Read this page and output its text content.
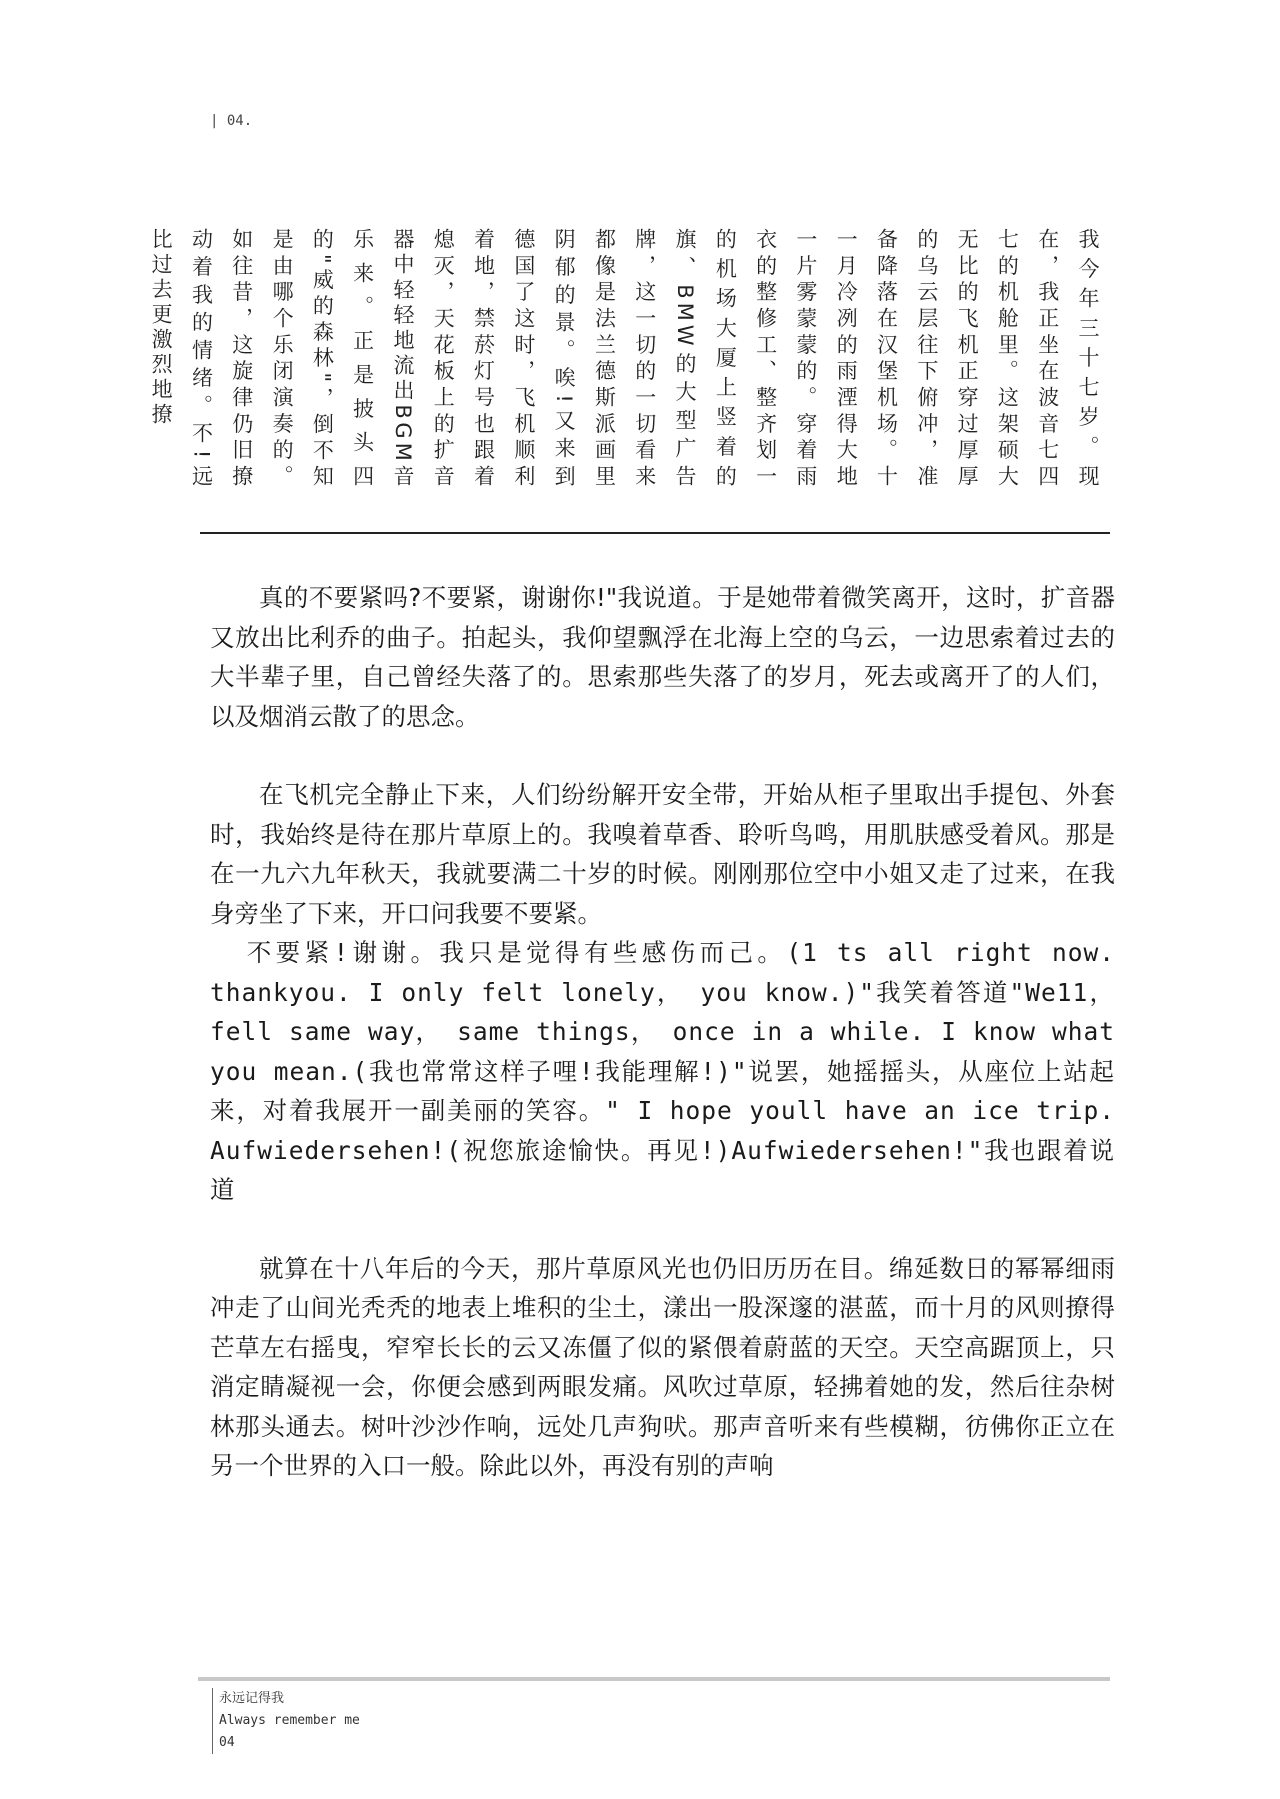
| 04.

我今年三十七岁。现在，我正坐在波音七四七的机舱里。这架硕大无比的飞机正穿过厚厚的乌云层往下俯冲，准备降落在汉堡机场。十一月冷冽的雨湮得大地一片雾蒙蒙的。穿着雨衣的整修工、整齐划一的机场大厦上竖着的旗、BMW的大型广告牌，这一切的一切看来都像是法兰德斯派画里阴郁的景。唉!又来到德国了这时，飞机顺利着地，禁菸灯号也跟着熄灭，天花板上的扩音器中轻轻地流出BGM音乐来。正是披头四的"威的森林"，倒不知是由哪个乐闭演奏的。如往昔，这旋律仍旧撩动着我的情绪。不!远比过去更激烈地撩

真的不要紧吗?不要紧，谢谢你!"我说道。于是她带着微笑离开，这时，扩音器又放出比利乔的曲子。拍起头，我仰望飘浮在北海上空的乌云，一边思索着过去的大半辈子里，自己曾经失落了的。思索那些失落了的岁月，死去或离开了的人们，以及烟消云散了的思念。

在飞机完全静止下来，人们纷纷解开安全带，开始从柜子里取出手提包、外套时，我始终是待在那片草原上的。我嗅着草香、聆听鸟鸣，用肌肤感受着风。那是在一九六九年秋天，我就要满二十岁的时候。刚刚那位空中小姐又走了过来，在我身旁坐了下来，开口问我要不要紧。

不要紧!谢谢。我只是觉得有些感伤而己。(1 ts all right now. thankyou. I only felt lonely， you know.)"我笑着答道"We11， fell same way， same things， once in a while. I know what you mean.(我也常常这样子哩!我能理解!)"说罢，她摇摇头，从座位上站起来，对着我展开一副美丽的笑容。" I hope youll have an ice trip. Aufwiedersehen!(祝您旅途愉快。再见!)Aufwiedersehen!"我也跟着说道

就算在十八年后的今天，那片草原风光也仍旧历历在目。绵延数日的幂幂细雨冲走了山间光秃秃的地表上堆积的尘土，漾出一股深邃的湛蓝，而十月的风则撩得芒草左右摇曳，窄窄长长的云又冻僵了似的紧偎着蔚蓝的天空。天空高踞顶上，只消定睛凝视一会，你便会感到两眼发痛。风吹过草原，轻拂着她的发，然后往杂树林那头通去。树叶沙沙作响，远处几声狗吠。那声音听来有些模糊，彷佛你正立在另一个世界的入口一般。除此以外，再没有别的声响

永远记得我
Always remember me
04
